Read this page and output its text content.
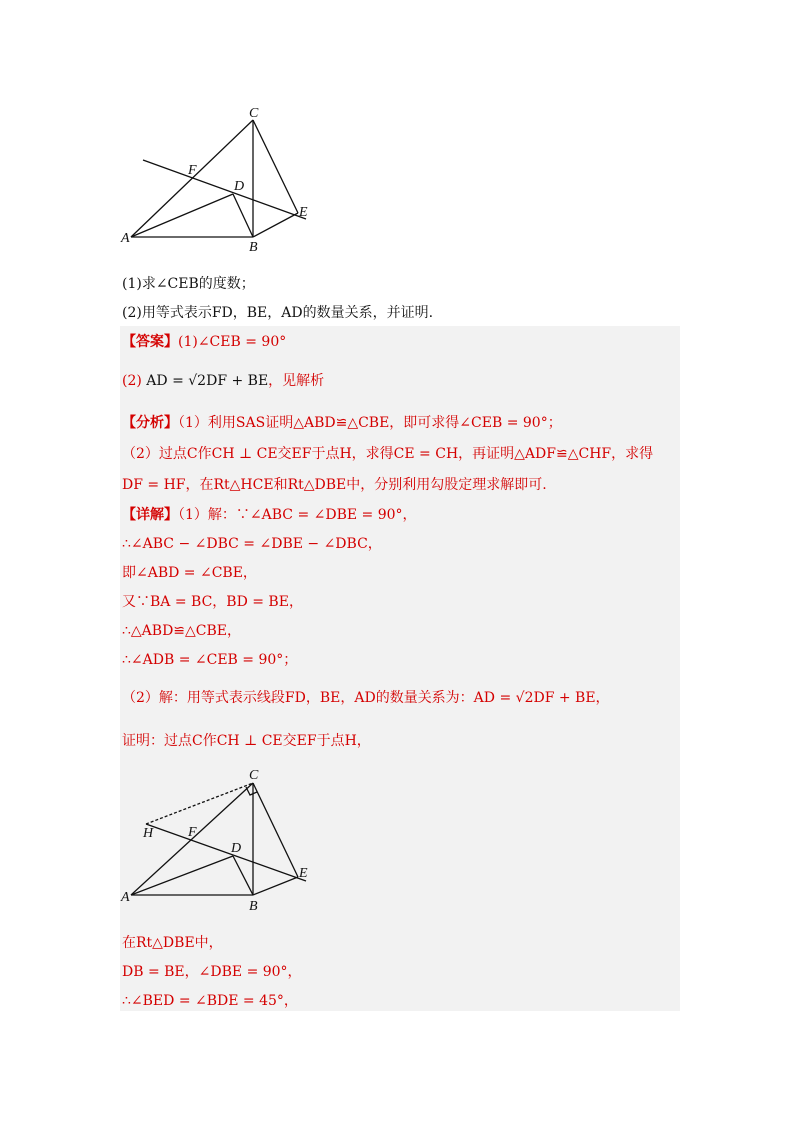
C
F
D
E
A
B
(1)求∠CEB的度数；
(2)用等式表示FD，BE，AD的数量关系，并证明.
【答案】(1)∠CEB = 90°
(2) AD = √2DF + BE，见解析
【分析】（1）利用SAS证明△ABD≌△CBE，即可求得∠CEB = 90°；
（2）过点C作CH ⊥ CE交EF于点H，求得CE = CH，再证明△ADF≌△CHF，求得
DF = HF，在Rt△HCE和Rt△DBE中，分别利用勾股定理求解即可.
【详解】（1）解：∵∠ABC = ∠DBE = 90°，
∴∠ABC − ∠DBC = ∠DBE − ∠DBC，
即∠ABD = ∠CBE，
又∵BA = BC，BD = BE，
∴△ABD≌△CBE，
∴∠ADB = ∠CEB = 90°；
（2）解：用等式表示线段FD，BE，AD的数量关系为：AD = √2DF + BE，
证明：过点C作CH ⊥ CE交EF于点H，
C
H F
D
E
A
B
在Rt△DBE中，
DB = BE，∠DBE = 90°，
∴∠BED = ∠BDE = 45°，
